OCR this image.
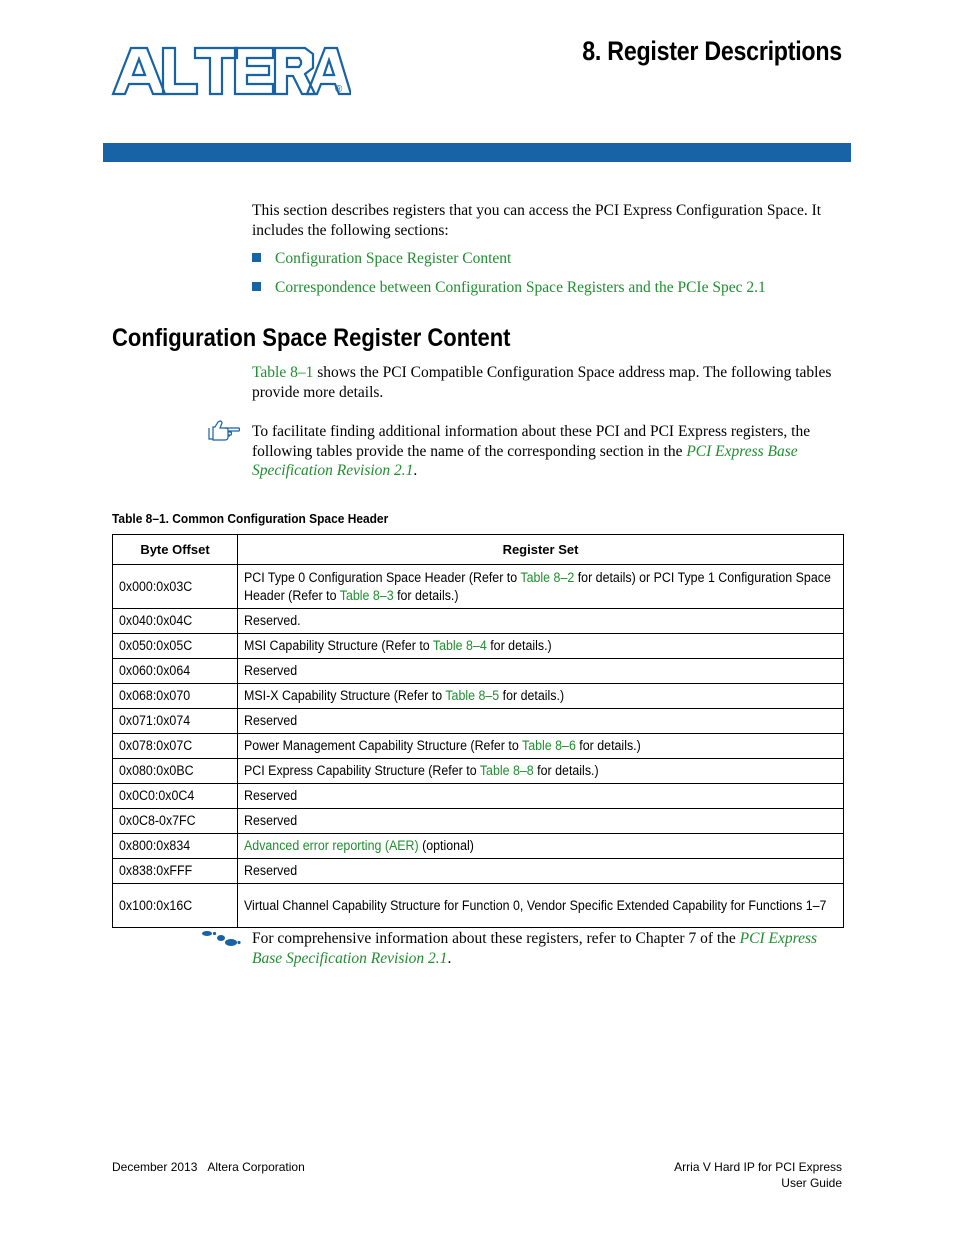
®
8. Register Descriptions

This section describes registers that you can access the PCI Express Configuration Space. It includes the following sections:

Configuration Space Register Content
Correspondence between Configuration Space Registers and the PCIe Spec 2.1
Configuration Space Register Content

Table 8–1 shows the PCI Compatible Configuration Space address map. The following tables provide more details.

To facilitate finding additional information about these PCI and PCI Express registers, the following tables provide the name of the corresponding section in the PCI Express Base Specification Revision 2.1.

Table 8–1. Common Configuration Space Header
Byte Offset	Register Set

0x000:0x03C	PCI Type 0 Configuration Space Header (Refer to Table 8–2 for details) or PCI Type 1 Configuration Space Header (Refer to Table 8–3 for details.)

0x040:0x04C	Reserved.

0x050:0x05C	MSI Capability Structure (Refer to Table 8–4 for details.)

0x060:0x064	Reserved

0x068:0x070	MSI-X Capability Structure (Refer to Table 8–5 for details.)

0x071:0x074	Reserved

0x078:0x07C	Power Management Capability Structure (Refer to Table 8–6 for details.)

0x080:0x0BC	PCI Express Capability Structure (Refer to Table 8–8 for details.)

0x0C0:0x0C4	Reserved

0x0C8-0x7FC	Reserved

0x800:0x834	Advanced error reporting (AER) (optional)

0x838:0xFFF	Reserved

0x100:0x16C	Virtual Channel Capability Structure for Function 0, Vendor Specific Extended Capability for Functions 1–7

For comprehensive information about these registers, refer to Chapter 7 of the PCI Express Base Specification Revision 2.1.

December 2013 Altera Corporation	Arria V Hard IP for PCI Express
User Guide
